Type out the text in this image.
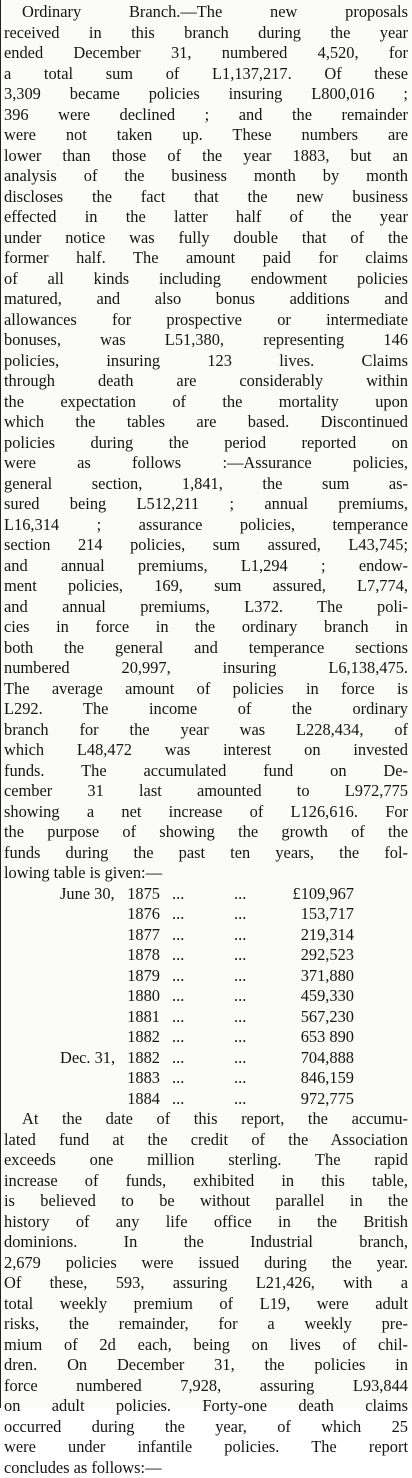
Ordinary Branch.—The new proposals
received in this branch during the year
ended December 31, numbered 4,520, for
a total sum of L1,137,217. Of these
3,309 became policies insuring L800,016 ;
396 were declined ; and the remainder
were not taken up. These numbers are
lower than those of the year 1883, but an
analysis of the business month by month
discloses the fact that the new business
effected in the latter half of the year
under notice was fully double that of the
former half. The amount paid for claims
of all kinds including endowment policies
matured, and also bonus additions and
allowances for prospective or intermediate
bonuses, was L51,380, representing 146
policies, insuring 123 lives. Claims
through death are considerably within
the expectation of the mortality upon
which the tables are based. Discontinued
policies during the period reported on
were as follows :—Assurance policies,
general section, 1,841, the sum as-
sured being L512,211 ; annual premiums,
L16,314 ; assurance policies, temperance
section 214 policies, sum assured, L43,745;
and annual premiums, L1,294 ; endow-
ment policies, 169, sum assured, L7,774,
and annual premiums, L372. The poli-
cies in force in the ordinary branch in
both the general and temperance sections
numbered 20,997, insuring L6,138,475.
The average amount of policies in force is
L292. The income of the ordinary
branch for the year was L228,434, of
which L48,472 was interest on invested
funds. The accumulated fund on De-
cember 31 last amounted to L972,775
showing a net increase of L126,616. For
the purpose of showing the growth of the
funds during the past ten years, the fol-
lowing table is given:—
June 30, 1875 ...	...	£109,967
1876 ...	...	153,717
1877 ...	...	219,314
1878 ...	...	292,523
1879 ...	...	371,880
1880 ...	...	459,330
1881 ...	...	567,230
1882 ...	...	653 890
Dec. 31, 1882 ...	...	704,888
1883 ...	...	846,159
1884 ...	...	972,775
At the date of this report, the accumu-
lated fund at the credit of the Association
exceeds one million sterling. The rapid
increase of funds, exhibited in this table,
is believed to be without parallel in the
history of any life office in the British
dominions. In the Industrial branch,
2,679 policies were issued during the year.
Of these, 593, assuring L21,426, with a
total weekly premium of L19, were adult
risks, the remainder, for a weekly pre-
mium of 2d each, being on lives of chil-
dren. On December 31, the policies in
force numbered 7,928, assuring L93,844
on adult policies. Forty-one death claims
occurred during the year, of which 25
were under infantile policies. The report
concludes as follows:—
